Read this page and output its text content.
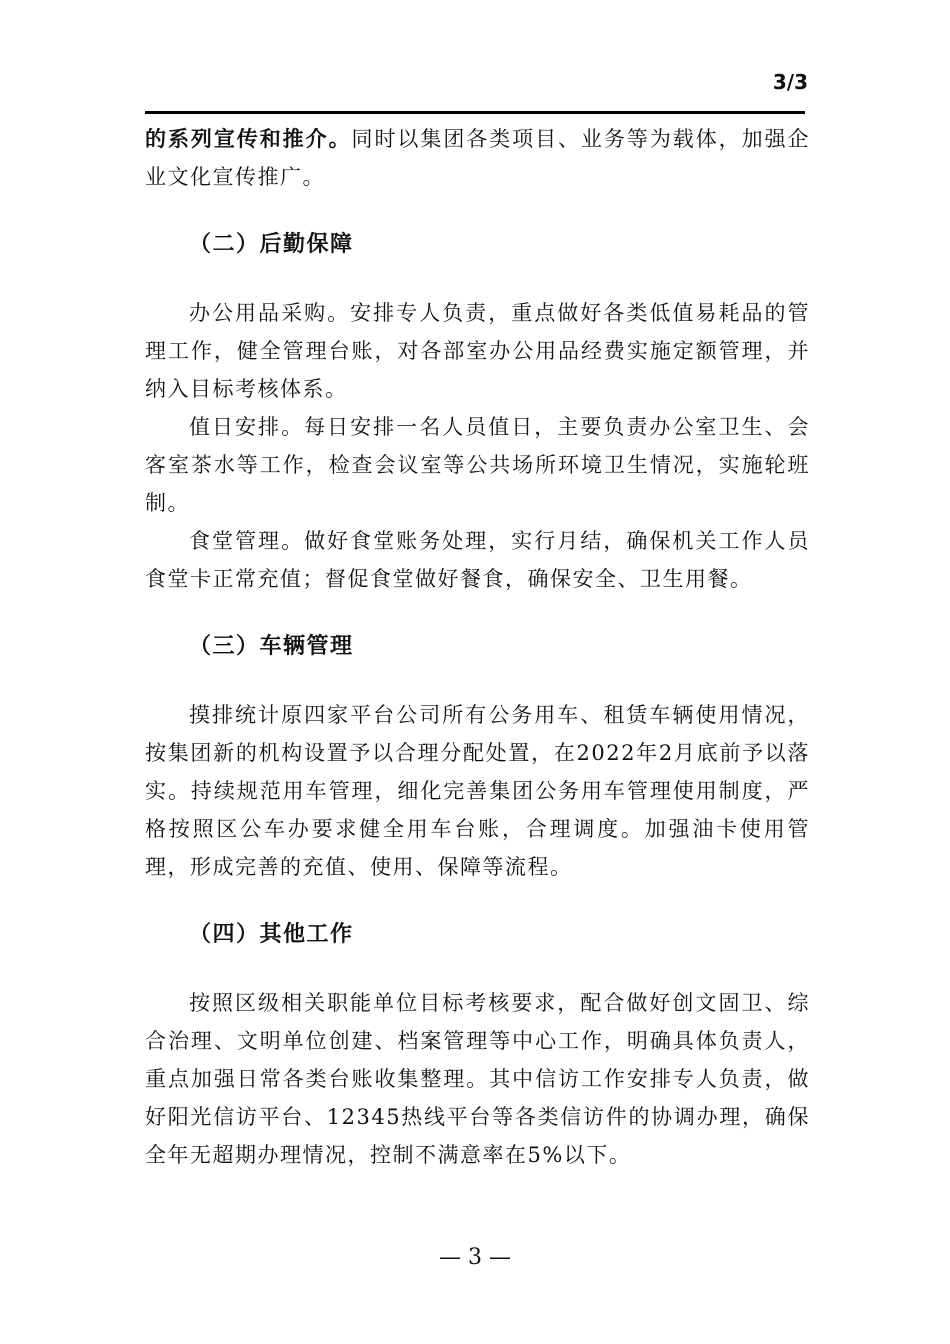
3/3

的系列宣传和推介。同时以集团各类项目、业务等为载体，加强企业文化宣传推广。

（二）后勤保障

办公用品采购。安排专人负责，重点做好各类低值易耗品的管理工作，健全管理台账，对各部室办公用品经费实施定额管理，并纳入目标考核体系。

值日安排。每日安排一名人员值日，主要负责办公室卫生、会客室茶水等工作，检查会议室等公共场所环境卫生情况，实施轮班制。

食堂管理。做好食堂账务处理，实行月结，确保机关工作人员食堂卡正常充值；督促食堂做好餐食，确保安全、卫生用餐。

（三）车辆管理

摸排统计原四家平台公司所有公务用车、租赁车辆使用情况，按集团新的机构设置予以合理分配处置，在2022年2月底前予以落实。持续规范用车管理，细化完善集团公务用车管理使用制度，严格按照区公车办要求健全用车台账，合理调度。加强油卡使用管理，形成完善的充值、使用、保障等流程。

（四）其他工作

按照区级相关职能单位目标考核要求，配合做好创文固卫、综合治理、文明单位创建、档案管理等中心工作，明确具体负责人，重点加强日常各类台账收集整理。其中信访工作安排专人负责，做好阳光信访平台、12345热线平台等各类信访件的协调办理，确保全年无超期办理情况，控制不满意率在5%以下。

— 3 —
